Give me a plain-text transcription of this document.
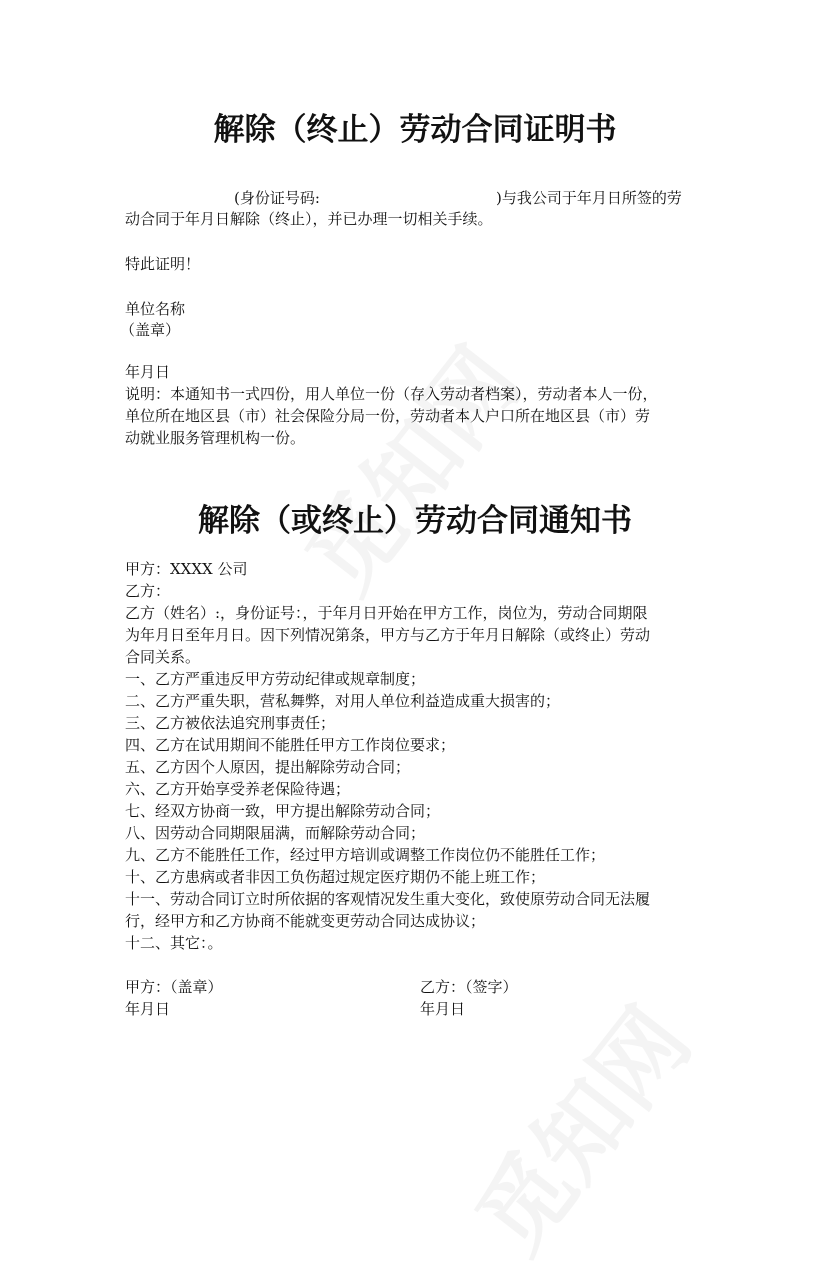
解除（终止）劳动合同证明书
(身份证号码:	)与我公司于年月日所签的劳
动合同于年月日解除（终止），并已办理一切相关手续。
特此证明！
单位名称
（盖章）
年月日
说明：本通知书一式四份，用人单位一份（存入劳动者档案），劳动者本人一份，
单位所在地区县（市）社会保险分局一份，劳动者本人户口所在地区县（市）劳
动就业服务管理机构一份。
解除（或终止）劳动合同通知书
甲方：XXXX 公司
乙方：
乙方（姓名）:，身份证号：，于年月日开始在甲方工作，岗位为，劳动合同期限
为年月日至年月日。因下列情况第条，甲方与乙方于年月日解除（或终止）劳动
合同关系。
一、乙方严重违反甲方劳动纪律或规章制度；
二、乙方严重失职，营私舞弊，对用人单位利益造成重大损害的；
三、乙方被依法追究刑事责任；
四、乙方在试用期间不能胜任甲方工作岗位要求；
五、乙方因个人原因，提出解除劳动合同；
六、乙方开始享受养老保险待遇；
七、经双方协商一致，甲方提出解除劳动合同；
八、因劳动合同期限届满，而解除劳动合同；
九、乙方不能胜任工作，经过甲方培训或调整工作岗位仍不能胜任工作；
十、乙方患病或者非因工负伤超过规定医疗期仍不能上班工作；
十一、劳动合同订立时所依据的客观情况发生重大变化，致使原劳动合同无法履
行，经甲方和乙方协商不能就变更劳动合同达成协议；
十二、其它：。
甲方：（盖章）	乙方：（签字）
年月日	年月日
